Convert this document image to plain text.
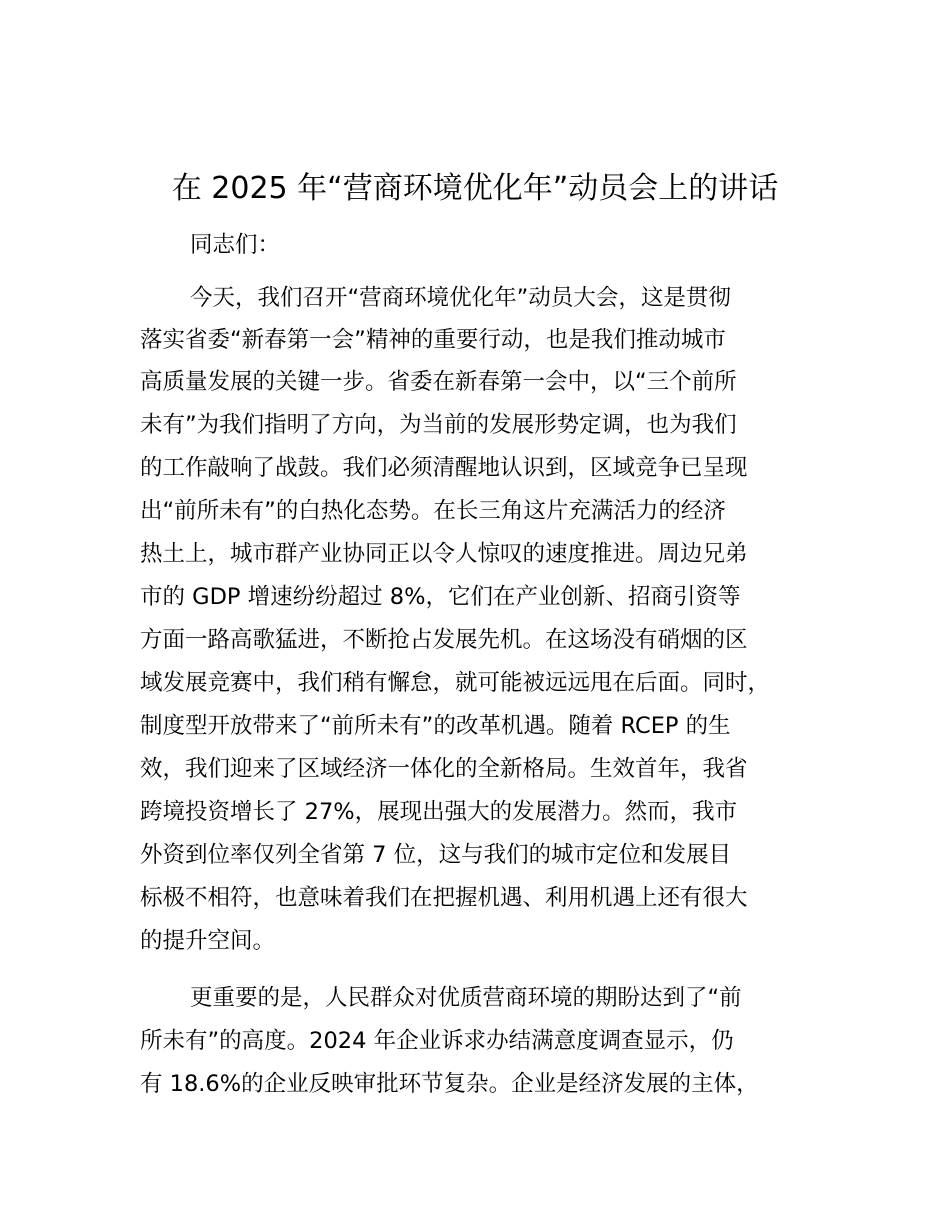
在 2025 年“营商环境优化年”动员会上的讲话
同志们：
今天，我们召开“营商环境优化年”动员大会，这是贯彻
落实省委“新春第一会”精神的重要行动，也是我们推动城市
高质量发展的关键一步。省委在新春第一会中，以“三个前所
未有”为我们指明了方向，为当前的发展形势定调，也为我们
的工作敲响了战鼓。我们必须清醒地认识到，区域竞争已呈现
出“前所未有”的白热化态势。在长三角这片充满活力的经济
热土上，城市群产业协同正以令人惊叹的速度推进。周边兄弟
市的 GDP 增速纷纷超过 8%，它们在产业创新、招商引资等
方面一路高歌猛进，不断抢占发展先机。在这场没有硝烟的区
域发展竞赛中，我们稍有懈怠，就可能被远远甩在后面。同时，
制度型开放带来了“前所未有”的改革机遇。随着 RCEP 的生
效，我们迎来了区域经济一体化的全新格局。生效首年，我省
跨境投资增长了 27%，展现出强大的发展潜力。然而，我市
外资到位率仅列全省第 7 位，这与我们的城市定位和发展目
标极不相符，也意味着我们在把握机遇、利用机遇上还有很大
的提升空间。
更重要的是，人民群众对优质营商环境的期盼达到了“前
所未有”的高度。2024 年企业诉求办结满意度调查显示，仍
有 18.6%的企业反映审批环节复杂。企业是经济发展的主体，
